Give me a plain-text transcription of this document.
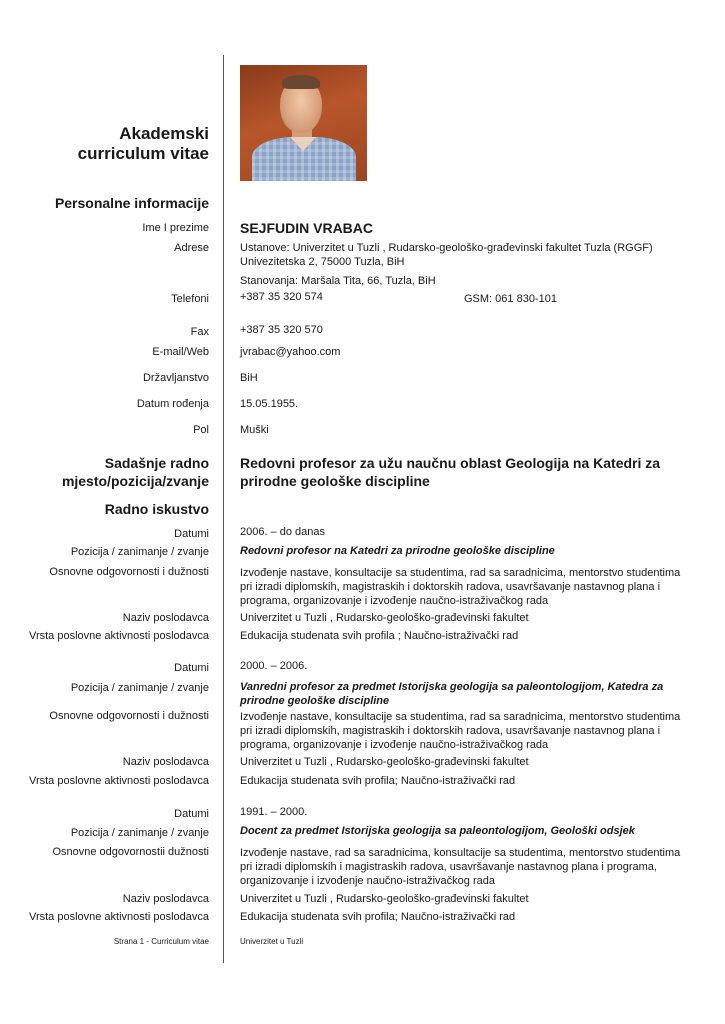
Akademski
curriculum vitae
Personalne informacije
Ime I prezime SEJFUDIN VRABAC
Adrese	Ustanove: Univerzitet u Tuzli , Rudarsko-geološko-građevinski fakultet Tuzla (RGGF) Univezitetska 2, 75000 Tuzla, BiH
Stanovanja: Maršala Tita, 66, Tuzla, BiH
Telefoni	+387 35 320 574	GSM: 061 830-101
Fax	+387 35 320 570
E-mail/Web	jvrabac@yahoo.com
Državljanstvo	BiH
Datum rođenja	15.05.1955.
Pol	Muški
Sadašnje radno
mjesto/pozicija/zvanje
Redovni profesor za užu naučnu oblast Geologija na Katedri za prirodne geološke discipline
Radno iskustvo
Datumi	2006. – do danas
Pozicija / zanimanje / zvanje	Redovni profesor na Katedri za prirodne geološke discipline
Osnovne odgovornosti i dužnosti	Izvođenje nastave, konsultacije sa studentima, rad sa saradnicima, mentorstvo studentima pri izradi diplomskih, magistraskih i doktorskih radova, usavršavanje nastavnog plana i programa, organizovanje i izvođenje naučno-istraživačkog rada
Naziv poslodavca	Univerzitet u Tuzli , Rudarsko-geološko-građevinski fakultet
Vrsta poslovne aktivnosti poslodavca	Edukacija studenata svih profila ; Naučno-istraživački rad
Datumi	2000. – 2006.
Pozicija / zanimanje / zvanje	Vanredni profesor za predmet Istorijska geologija sa paleontologijom, Katedra za prirodne geološke discipline
Osnovne odgovornosti i dužnosti	Izvođenje nastave, konsultacije sa studentima, rad sa saradnicima, mentorstvo studentima pri izradi diplomskih, magistraskih i doktorskih radova, usavršavanje nastavnog plana i programa, organizovanje i izvođenje naučno-istraživačkog rada
Naziv poslodavca	Univerzitet u Tuzli , Rudarsko-geološko-građevinski fakultet
Vrsta poslovne aktivnosti poslodavca	Edukacija studenata svih profila; Naučno-istraživački rad
Datumi	1991. – 2000.
Pozicija / zanimanje / zvanje	Docent za predmet Istorijska geologija sa paleontologijom, Geološki odsjek
Osnovne odgovornostii dužnosti	Izvođenje nastave, rad sa saradnicima, konsultacije sa studentima, mentorstvo studentima pri izradi diplomskih i magistraskih radova, usavršavanje nastavnog plana i programa, organizovanje i izvođenje naučno-istraživačkog rada
Naziv poslodavca	Univerzitet u Tuzli , Rudarsko-geološko-građevinski fakultet
Vrsta poslovne aktivnosti poslodavca	Edukacija studenata svih profila; Naučno-istraživački rad
Strana 1 - Curriculum vitae	Univerzitet u Tuzli
